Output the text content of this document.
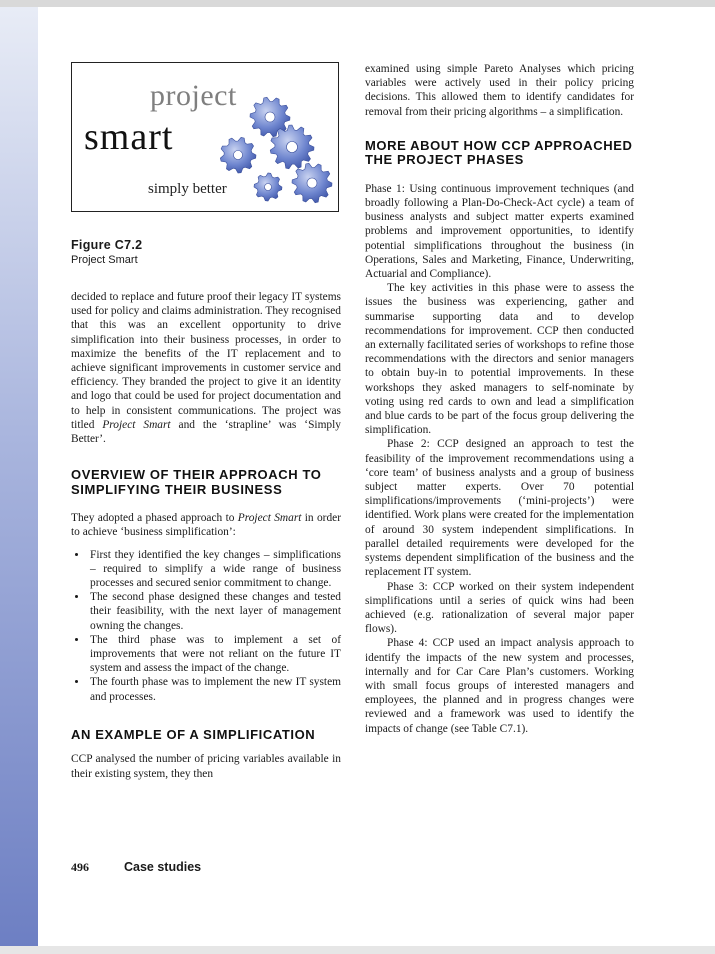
project
smart
simply better
Figure C7.2
Project Smart

decided to replace and future proof their legacy IT systems used for policy and claims administration. They recognised that this was an excellent opportunity to drive simplification into their business processes, in order to maximize the benefits of the IT replacement and to achieve significant improvements in customer service and efficiency. They branded the project to give it an identity and logo that could be used for project documentation and to help in consistent communications. The project was titled Project Smart and the ‘strapline’ was ‘Simply Better’.

OVERVIEW OF THEIR APPROACH TO SIMPLIFYING THEIR BUSINESS

They adopted a phased approach to Project Smart in order to achieve ‘business simplification’:

• First they identified the key changes – simplifications – required to simplify a wide range of business processes and secured senior commitment to change.
• The second phase designed these changes and tested their feasibility, with the next layer of management owning the changes.
• The third phase was to implement a set of improvements that were not reliant on the future IT system and assess the impact of the change.
• The fourth phase was to implement the new IT system and processes.
AN EXAMPLE OF A SIMPLIFICATION

CCP analysed the number of pricing variables available in their existing system, they then

examined using simple Pareto Analyses which pricing variables were actively used in their policy pricing decisions. This allowed them to identify candidates for removal from their pricing algorithms – a simplification.

MORE ABOUT HOW CCP APPROACHED THE PROJECT PHASES

Phase 1: Using continuous improvement techniques (and broadly following a Plan-Do-Check-Act cycle) a team of business analysts and subject matter experts examined problems and improvement opportunities, to identify potential simplifications throughout the business (in Operations, Sales and Marketing, Finance, Underwriting, Actuarial and Compliance).

The key activities in this phase were to assess the issues the business was experiencing, gather and summarise supporting data and to develop recommendations for improvement. CCP then conducted an externally facilitated series of workshops to refine those recommendations with the directors and senior managers to obtain buy-in to potential improvements. In these workshops they asked managers to self-nominate by voting using red cards to own and lead a simplification and blue cards to be part of the focus group delivering the simplification.

Phase 2: CCP designed an approach to test the feasibility of the improvement recommendations using a ‘core team’ of business analysts and a group of business subject matter experts. Over 70 potential simplifications/improvements (‘mini-projects’) were identified. Work plans were created for the implementation of around 30 system independent simplifications. In parallel detailed requirements were developed for the systems dependent simplification of the business and the replacement IT system.

Phase 3: CCP worked on their system independent simplifications until a series of quick wins had been achieved (e.g. rationalization of several major paper flows).

Phase 4: CCP used an impact analysis approach to identify the impacts of the new system and processes, internally and for Car Care Plan’s customers. Working with small focus groups of interested managers and employees, the planned and in progress changes were reviewed and a framework was used to identify the impacts of change (see Table C7.1).

496	Case studies
